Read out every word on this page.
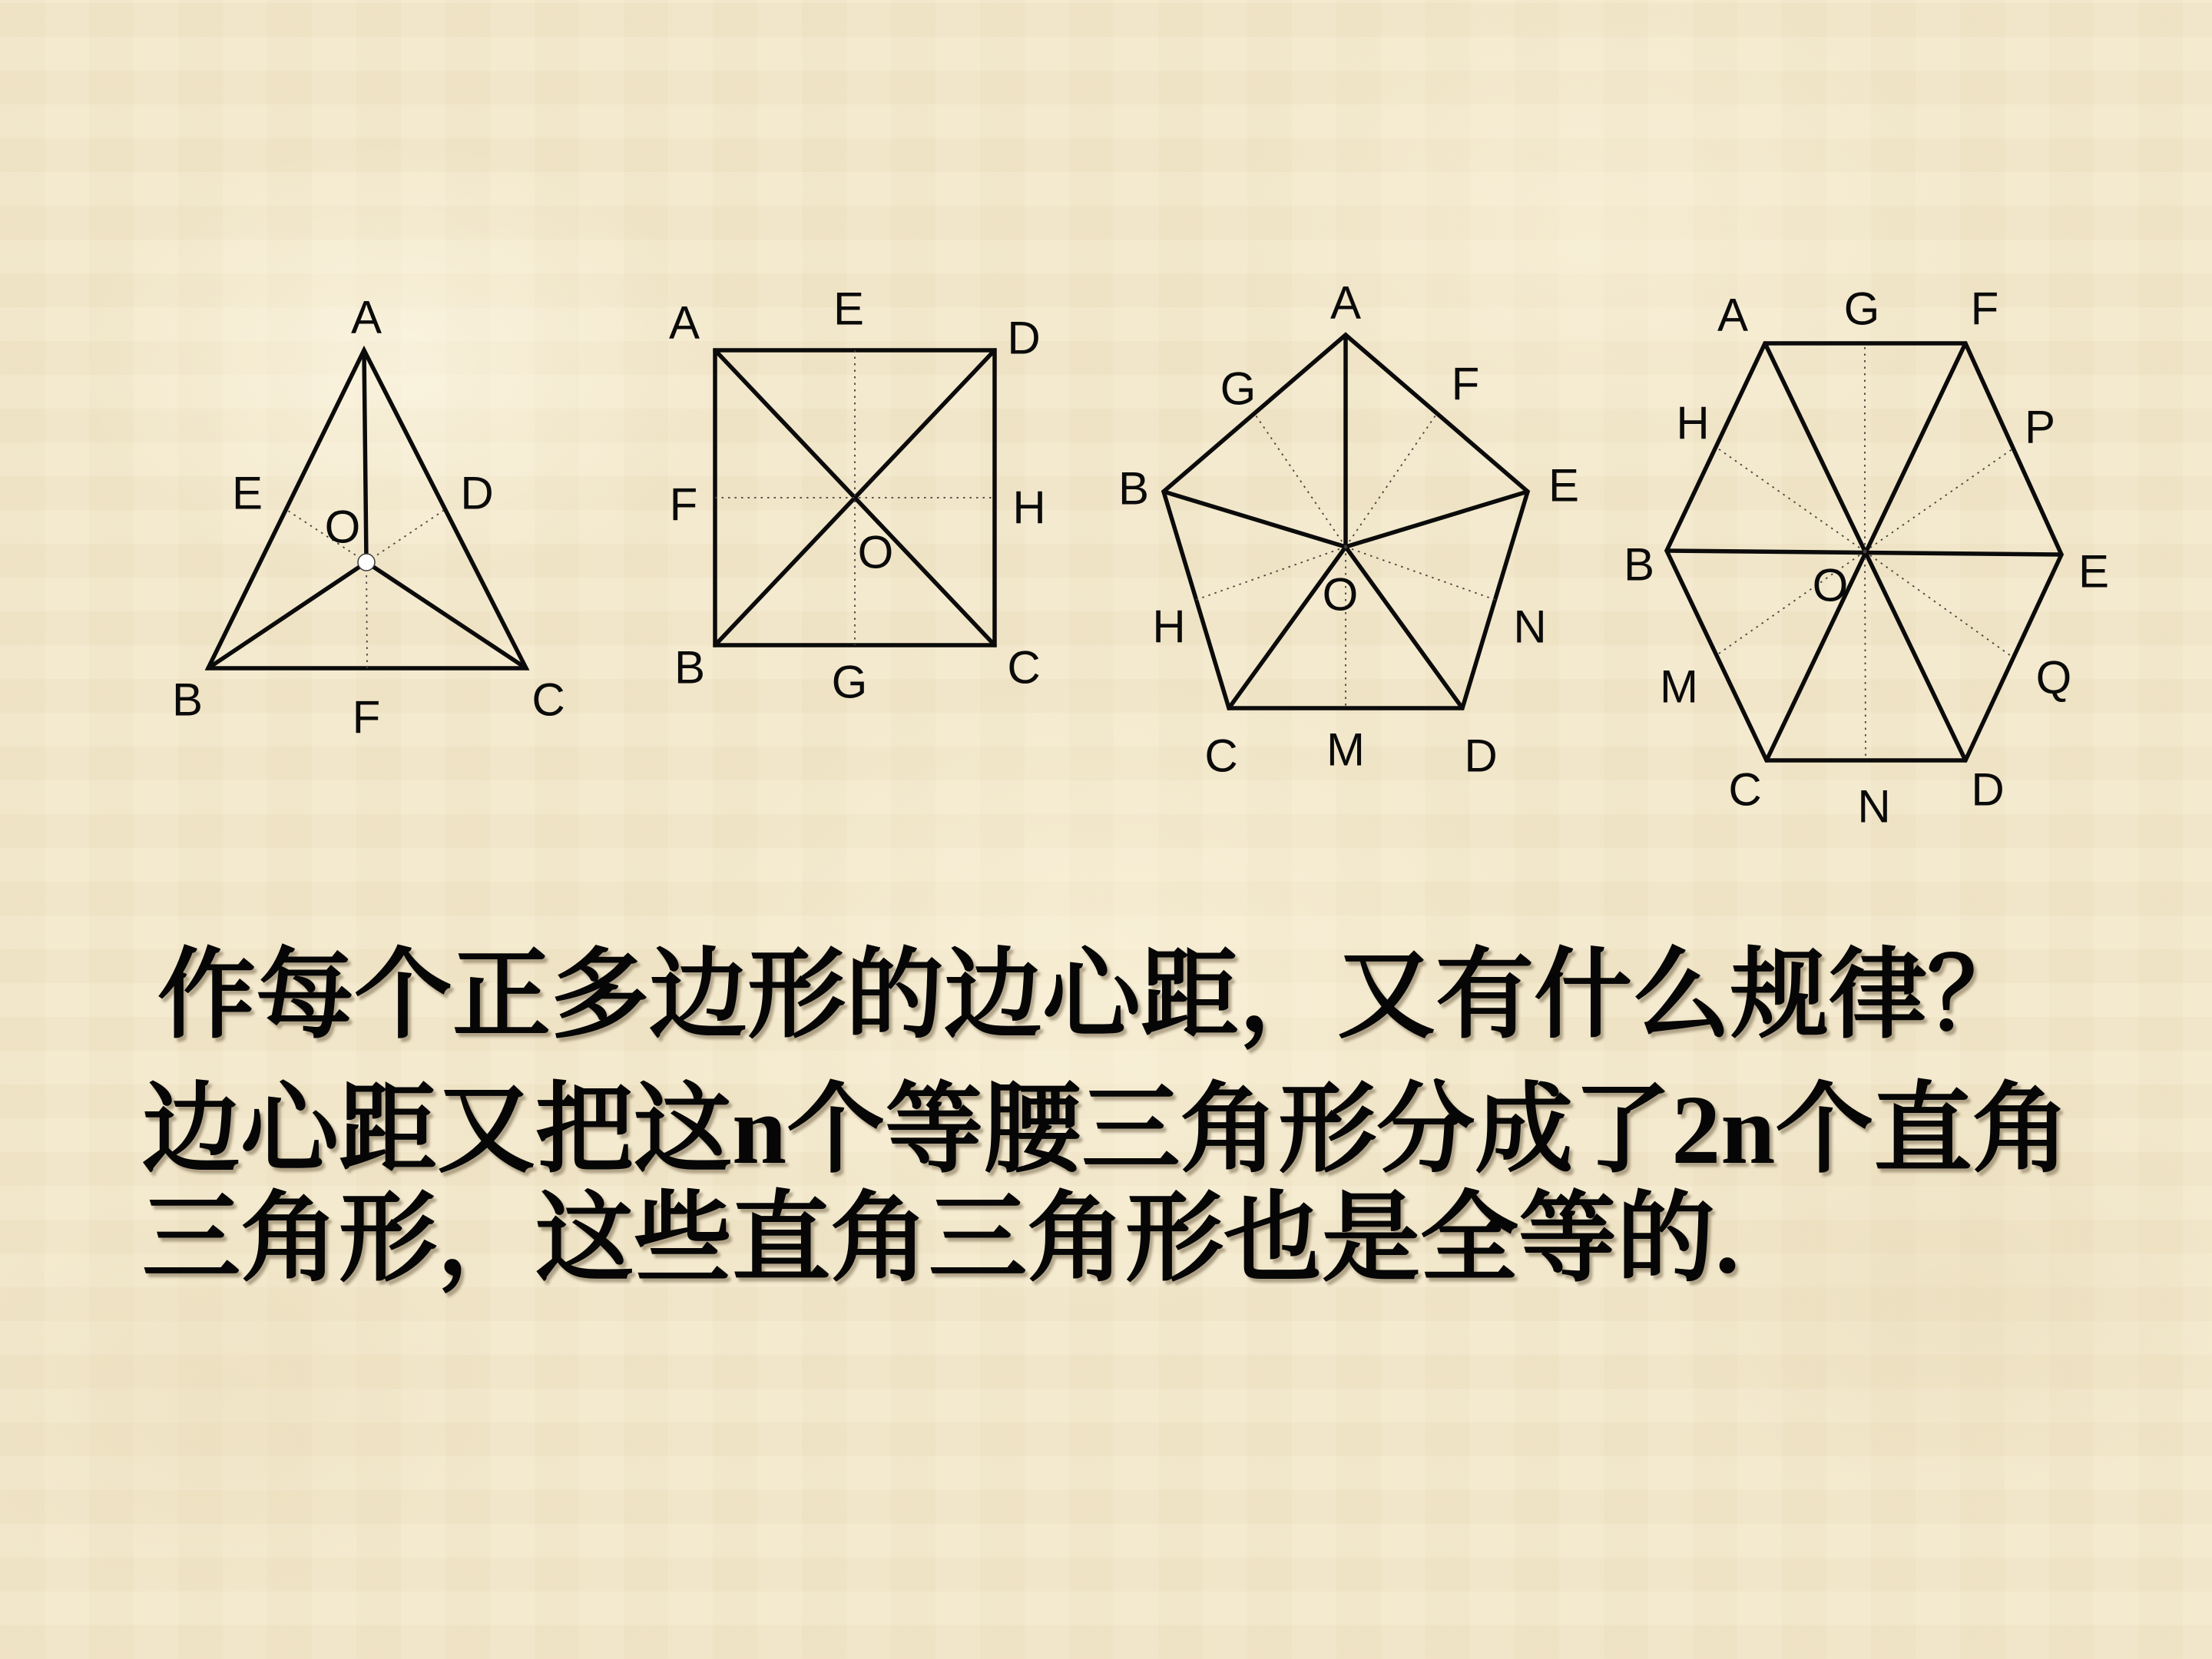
A
E	D
O
B	F	C
A	E
D
F	H
O
B	G	C
A
G	F
B	E
O
H	N
C M D
A G F
H	P
B	E
O
M	Q
C N D
作每个正多边形的边心距，又有什么规律？
边心距又把这n个等腰三角形分成了2n个直角
三角形，这些直角三角形也是全等的.
